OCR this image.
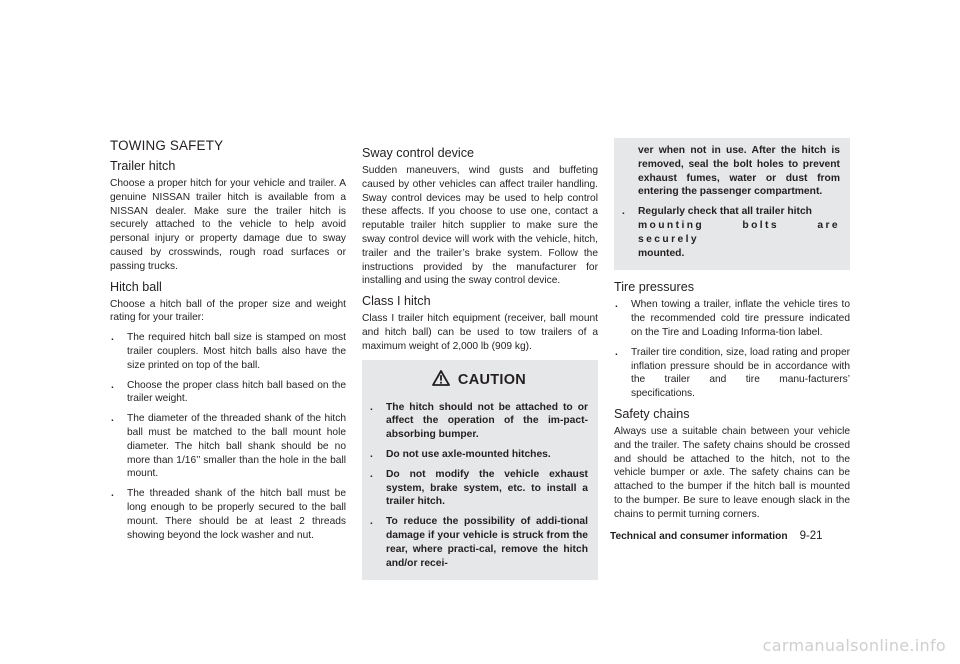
TOWING SAFETY
Trailer hitch

Choose a proper hitch for your vehicle and trailer. A genuine NISSAN trailer hitch is available from a NISSAN dealer. Make sure the trailer hitch is securely attached to the vehicle to help avoid personal injury or property damage due to sway caused by crosswinds, rough road surfaces or passing trucks.

Hitch ball

Choose a hitch ball of the proper size and weight rating for your trailer:

. The required hitch ball size is stamped on most trailer couplers. Most hitch balls also have the size printed on top of the ball.
. Choose the proper class hitch ball based on the trailer weight.
. The diameter of the threaded shank of the hitch ball must be matched to the ball mount hole diameter. The hitch ball shank should be no more than 1/16’’ smaller than the hole in the ball mount.
. The threaded shank of the hitch ball must be long enough to be properly secured to the ball mount. There should be at least 2 threads showing beyond the lock washer and nut.
Sway control device

Sudden maneuvers, wind gusts and buffeting caused by other vehicles can affect trailer handling. Sway control devices may be used to help control these affects. If you choose to use one, contact a reputable trailer hitch supplier to make sure the sway control device will work with the vehicle, hitch, trailer and the trailer’s brake system. Follow the instructions provided by the manufacturer for installing and using the sway control device.

Class I hitch

Class I trailer hitch equipment (receiver, ball mount and hitch ball) can be used to tow trailers of a maximum weight of 2,000 lb (909 kg).

CAUTION
. The hitch should not be attached to or affect the operation of the im-pact-absorbing bumper.
. Do not use axle-mounted hitches.
. Do not modify the vehicle exhaust system, brake system, etc. to install a trailer hitch.
. To reduce the possibility of addi-tional damage if your vehicle is struck from the rear, where practi-cal, remove the hitch and/or recei-
ver when not in use. After the hitch is removed, seal the bolt holes to prevent exhaust fumes, water or dust from entering the passenger compartment.
. Regularly check that all trailer hitch
mounting bolts are securely
mounted.
Tire pressures
. When towing a trailer, inflate the vehicle tires to the recommended cold tire pressure indicated on the Tire and Loading Informa-tion label.
. Trailer tire condition, size, load rating and proper inflation pressure should be in accordance with the trailer and tire manu-facturers’ specifications.
Safety chains

Always use a suitable chain between your vehicle and the trailer. The safety chains should be crossed and should be attached to the hitch, not to the vehicle bumper or axle. The safety chains can be attached to the bumper if the hitch ball is mounted to the bumper. Be sure to leave enough slack in the chains to permit turning corners.

Technical and consumer information 9-21
carmanualsonline.info
